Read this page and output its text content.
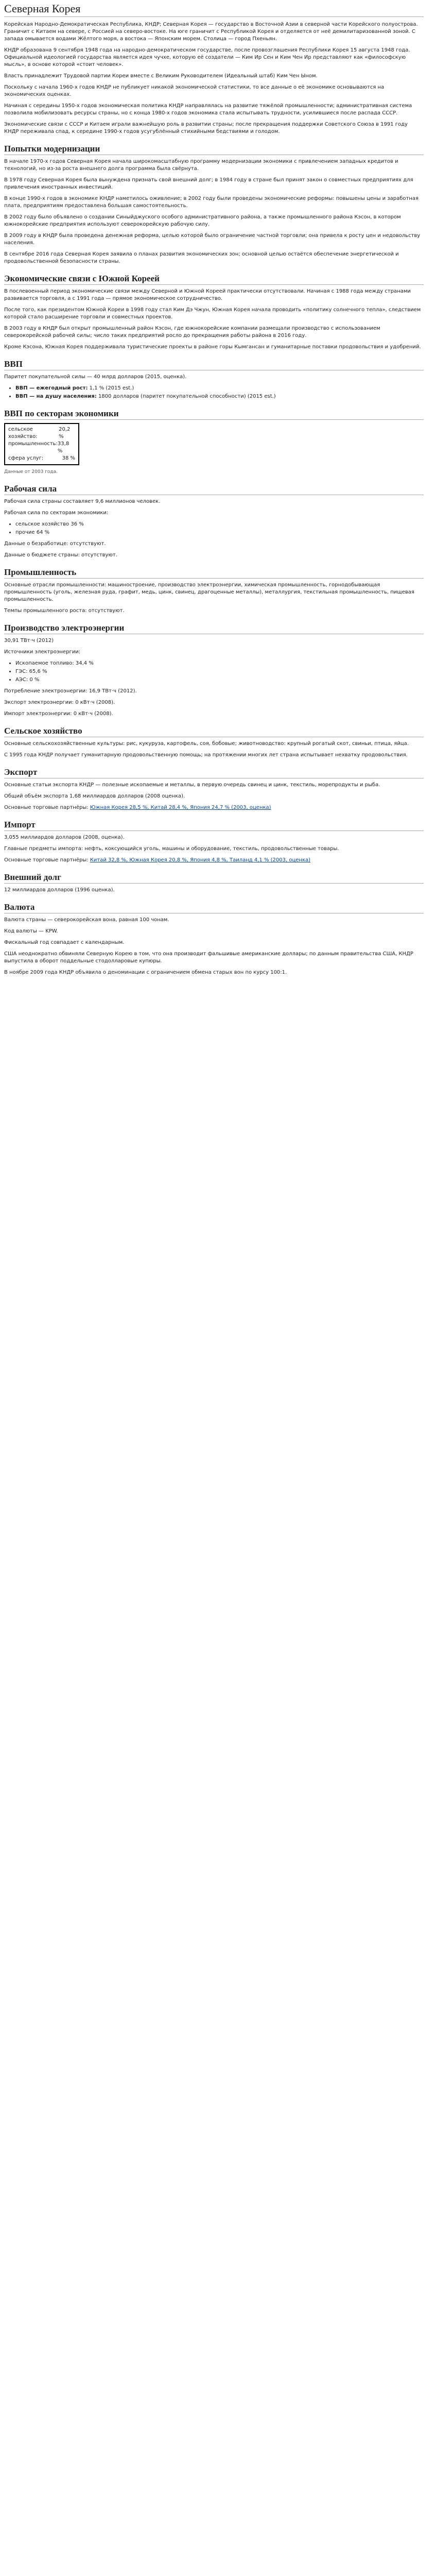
Северная Корея

Корейская Народно-Демократическая Республика, КНДР; Северная Корея — государство в Восточной Азии в северной части Корейского полуострова. Граничит с Китаем на севере, с Россией на северо-востоке. На юге граничит с Республикой Корея и отделяется от неё демилитаризованной зоной. С запада омывается водами Жёлтого моря, а востока — Японским морем. Столица — город Пхеньян.

КНДР образована 9 сентября 1948 года на народно-демократическом государстве, после провозглашения Республики Корея 15 августа 1948 года. Официальной идеологией государства является идея чучхе, которую её создатели — Ким Ир Сен и Ким Чен Ир представляют как «философскую мысль», в основе которой «стоит человек».

Власть принадлежит Трудовой партии Кореи вместе с Великим Руководителем (Идеальный штаб) Ким Чен Ыном.

Поскольку с начала 1960-х годов КНДР не публикует никакой экономической статистики, то все данные о её экономике основываются на экономических оценках.

Начиная с середины 1950-х годов экономическая политика КНДР направлялась на развитие тяжёлой промышленности; административная система позволила мобилизовать ресурсы страны, но с конца 1980-х годов экономика стала испытывать трудности, усилившиеся после распада СССР.

Экономические связи с СССР и Китаем играли важнейшую роль в развитии страны; после прекращения поддержки Советского Союза в 1991 году КНДР переживала спад, к середине 1990-х годов усугублённый стихийными бедствиями и голодом.

Попытки модернизации

В начале 1970-х годов Северная Корея начала широкомасштабную программу модернизации экономики с привлечением западных кредитов и технологий, но из-за роста внешнего долга программа была свёрнута.

В 1978 году Северная Корея была вынуждена признать свой внешний долг; в 1984 году в стране был принят закон о совместных предприятиях для привлечения иностранных инвестиций.

В конце 1990-х годов в экономике КНДР наметилось оживление; в 2002 году были проведены экономические реформы: повышены цены и заработная плата, предприятиям предоставлена большая самостоятельность.

В 2002 году было объявлено о создании Синыйджуского особого административного района, а также промышленного района Кэсон, в котором южнокорейские предприятия используют северокорейскую рабочую силу.

В 2009 году в КНДР была проведена денежная реформа, целью которой было ограничение частной торговли; она привела к росту цен и недовольству населения.

В сентябре 2016 года Северная Корея заявила о планах развития экономических зон; основной целью остаётся обеспечение энергетической и продовольственной безопасности страны.

Экономические связи с Южной Кореей

В послевоенный период экономические связи между Северной и Южной Кореей практически отсутствовали. Начиная с 1988 года между странами развивается торговля, а с 1991 года — прямое экономическое сотрудничество.

После того, как президентом Южной Кореи в 1998 году стал Ким Дэ Чжун, Южная Корея начала проводить «политику солнечного тепла», следствием которой стало расширение торговли и совместных проектов.

В 2003 году в КНДР был открыт промышленный район Кэсон, где южнокорейские компании размещали производство с использованием северокорейской рабочей силы; число таких предприятий росло до прекращения работы района в 2016 году.

Кроме Кэсона, Южная Корея поддерживала туристические проекты в районе горы Кымгансан и гуманитарные поставки продовольствия и удобрений.

ВВП

Паритет покупательной силы — 40 млрд долларов (2015, оценка).

• ВВП — ежегодный рост: 1,1 % (2015 est.)
• ВВП — на душу населения: 1800 долларов (паритет покупательной способности) (2015 est.)
ВВП по секторам экономики
сельское хозяйство:
20,2 %
промышленность: 33,8 %
сфера услуг:	38 %

Данные от 2003 года.

Рабочая сила

Рабочая сила страны составляет 9,6 миллионов человек.

Рабочая сила по секторам экономики:

• сельское хозяйство 36 %
• прочие 64 %

Данные о безработице: отсутствуют.

Данные о бюджете страны: отсутствуют.

Промышленность

Основные отрасли промышленности: машиностроение, производство электроэнергии, химическая промышленность, горнодобывающая промышленность (уголь, железная руда, графит, медь, цинк, свинец, драгоценные металлы), металлургия, текстильная промышленность, пищевая промышленность.

Темпы промышленного роста: отсутствуют.

Производство электроэнергии

30,91 ТВт·ч (2012)

Источники электроэнергии:

• Ископаемое топливо: 34,4 %
• ГЭС: 65,6 %
• АЭС: 0 %

Потребление электроэнергии: 16,9 ТВт·ч (2012).

Экспорт электроэнергии: 0 кВт·ч (2008).

Импорт электроэнергии: 0 кВт·ч (2008).

Сельское хозяйство

Основные сельскохозяйственные культуры: рис, кукуруза, картофель, соя, бобовые; животноводство: крупный рогатый скот, свиньи, птица, яйца.

С 1995 года КНДР получает гуманитарную продовольственную помощь; на протяжении многих лет страна испытывает нехватку продовольствия.

Экспорт

Основные статьи экспорта КНДР — полезные ископаемые и металлы, в первую очередь свинец и цинк, текстиль, морепродукты и рыба.

Общий объём экспорта 1,68 миллиардов долларов (2008 оценка).

Основные торговые партнёры: Южная Корея 28,5 %, Китай 28,4 %, Япония 24,7 % (2003, оценка)

Импорт

3,055 миллиардов долларов (2008, оценка).

Главные предметы импорта: нефть, коксующийся уголь, машины и оборудование, текстиль, продовольственные товары.

Основные торговые партнёры: Китай 32,8 %, Южная Корея 20,8 %, Япония 4,8 %, Таиланд 4,1 % (2003, оценка)

Внешний долг

12 миллиардов долларов (1996 оценка).

Валюта

Валюта страны — северокорейская вона, равная 100 чонам.

Код валюты — KPW.

Фискальный год совпадает с календарным.

США неоднократно обвиняли Северную Корею в том, что она производит фальшивые американские доллары; по данным правительства США, КНДР выпустила в оборот поддельные стодолларовые купюры.

В ноябре 2009 года КНДР объявила о деноминации с ограничением обмена старых вон по курсу 100:1.
